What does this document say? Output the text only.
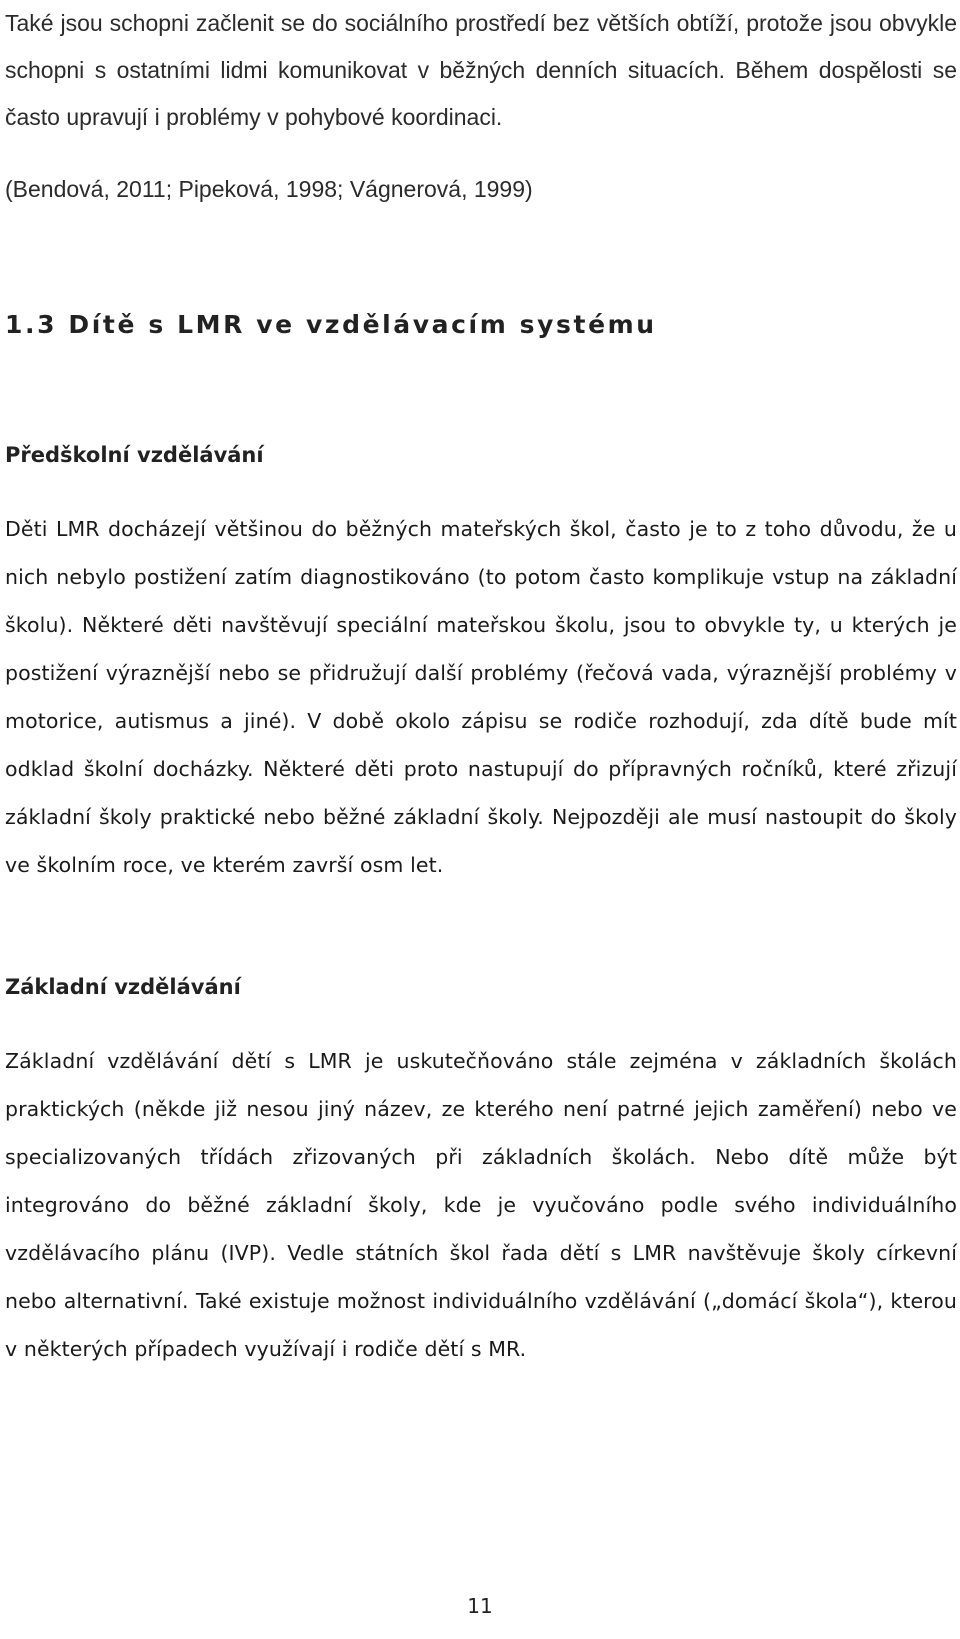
Také jsou schopni začlenit se do sociálního prostředí bez větších obtíží, protože jsou obvykle schopni s ostatními lidmi komunikovat v běžných denních situacích. Během dospělosti se často upravují i problémy v pohybové koordinaci.

(Bendová, 2011; Pipeková, 1998; Vágnerová, 1999)

1.3 Dítě s LMR ve vzdělávacím systému
Předškolní vzdělávání

Děti LMR docházejí většinou do běžných mateřských škol, často je to z toho důvodu, že u nich nebylo postižení zatím diagnostikováno (to potom často komplikuje vstup na základní školu). Některé děti navštěvují speciální mateřskou školu, jsou to obvykle ty, u kterých je postižení výraznější nebo se přidružují další problémy (řečová vada, výraznější problémy v motorice, autismus a jiné). V době okolo zápisu se rodiče rozhodují, zda dítě bude mít odklad školní docházky. Některé děti proto nastupují do přípravných ročníků, které zřizují základní školy praktické nebo běžné základní školy. Nejpozději ale musí nastoupit do školy ve školním roce, ve kterém završí osm let.

Základní vzdělávání

Základní vzdělávání dětí s LMR je uskutečňováno stále zejména v základních školách praktických (někde již nesou jiný název, ze kterého není patrné jejich zaměření) nebo ve specializovaných třídách zřizovaných při základních školách. Nebo dítě může být integrováno do běžné základní školy, kde je vyučováno podle svého individuálního vzdělávacího plánu (IVP). Vedle státních škol řada dětí s LMR navštěvuje školy církevní nebo alternativní. Také existuje možnost individuálního vzdělávání („domácí škola“), kterou v některých případech využívají i rodiče dětí s MR.

11
